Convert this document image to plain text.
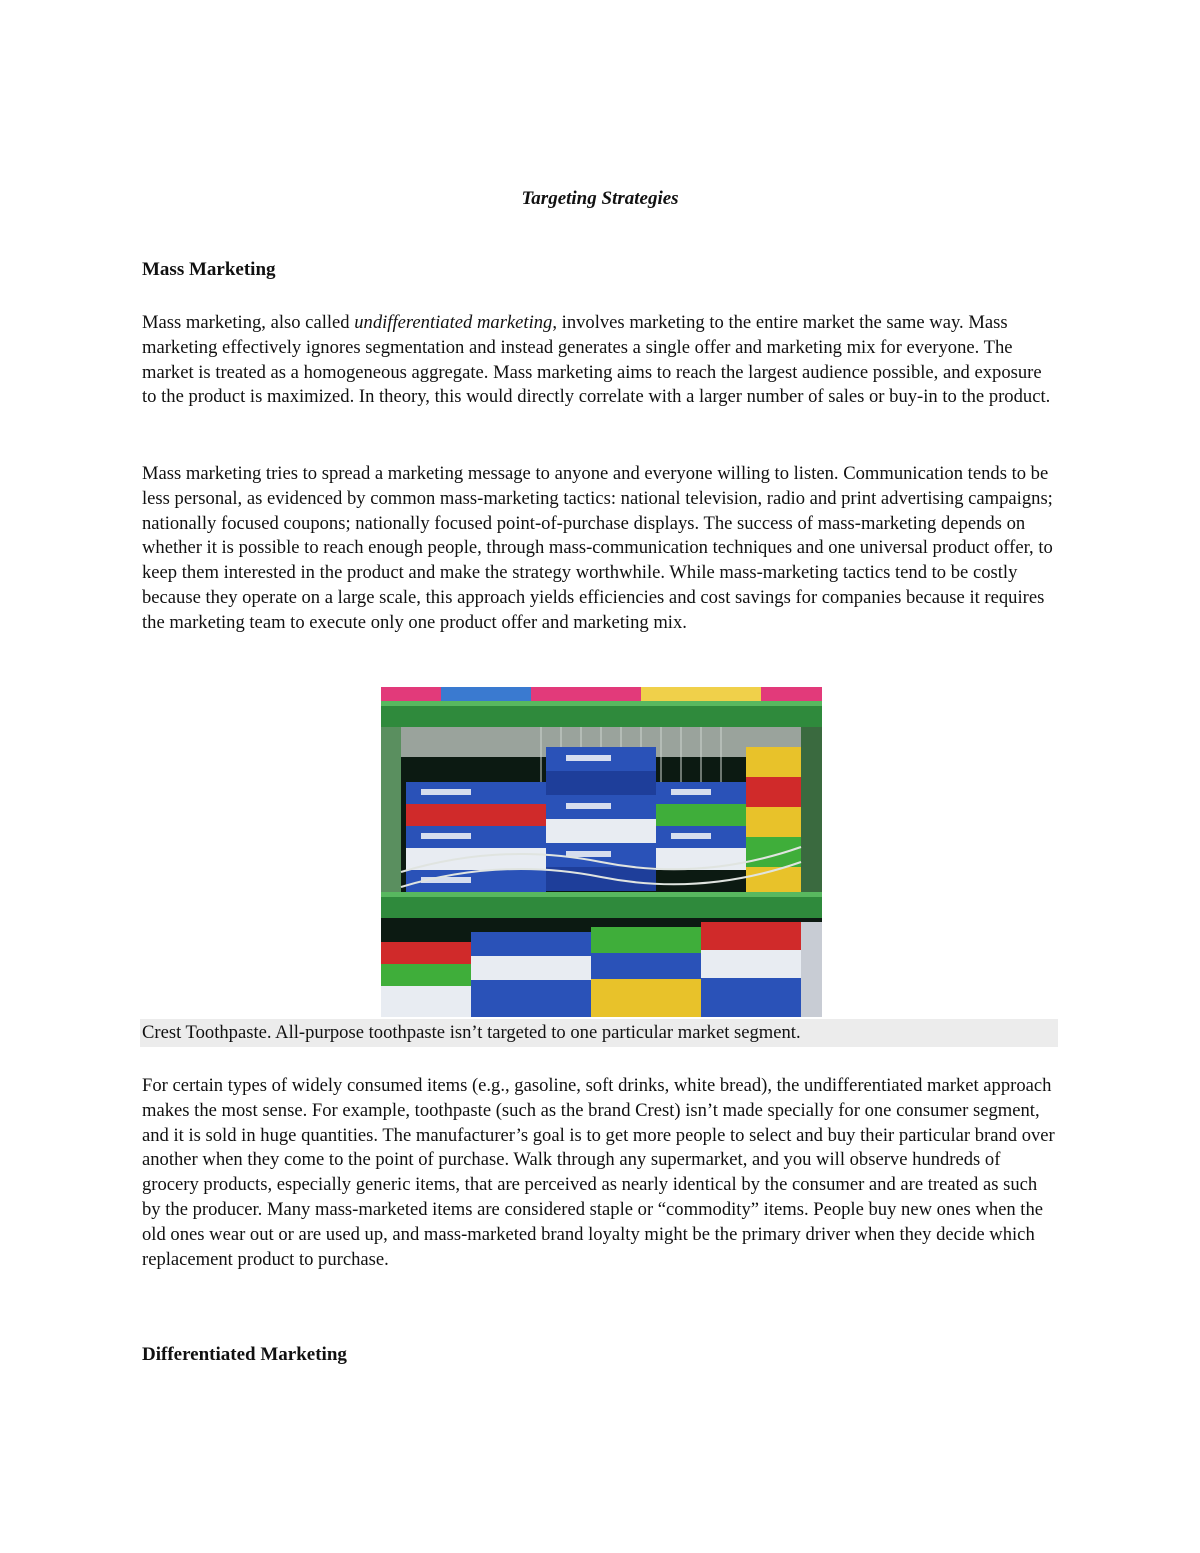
Targeting Strategies
Mass Marketing

Mass marketing, also called undifferentiated marketing, involves marketing to the entire market the same way. Mass marketing effectively ignores segmentation and instead generates a single offer and marketing mix for everyone. The market is treated as a homogeneous aggregate. Mass marketing aims to reach the largest audience possible, and exposure to the product is maximized. In theory, this would directly correlate with a larger number of sales or buy-in to the product.

Mass marketing tries to spread a marketing message to anyone and everyone willing to listen. Communication tends to be less personal, as evidenced by common mass-marketing tactics: national television, radio and print advertising campaigns; nationally focused coupons; nationally focused point-of-purchase displays. The success of mass-marketing depends on whether it is possible to reach enough people, through mass-communication techniques and one universal product offer, to keep them interested in the product and make the strategy worthwhile. While mass-marketing tactics tend to be costly because they operate on a large scale, this approach yields efficiencies and cost savings for companies because it requires the marketing team to execute only one product offer and marketing mix.

Crest Toothpaste. All-purpose toothpaste isn’t targeted to one particular market segment.

For certain types of widely consumed items (e.g., gasoline, soft drinks, white bread), the undifferentiated market approach makes the most sense. For example, toothpaste (such as the brand Crest) isn’t made specially for one consumer segment, and it is sold in huge quantities. The manufacturer’s goal is to get more people to select and buy their particular brand over another when they come to the point of purchase. Walk through any supermarket, and you will observe hundreds of grocery products, especially generic items, that are perceived as nearly identical by the consumer and are treated as such by the producer. Many mass-marketed items are considered staple or “commodity” items. People buy new ones when the old ones wear out or are used up, and mass-marketed brand loyalty might be the primary driver when they decide which replacement product to purchase.

Differentiated Marketing
